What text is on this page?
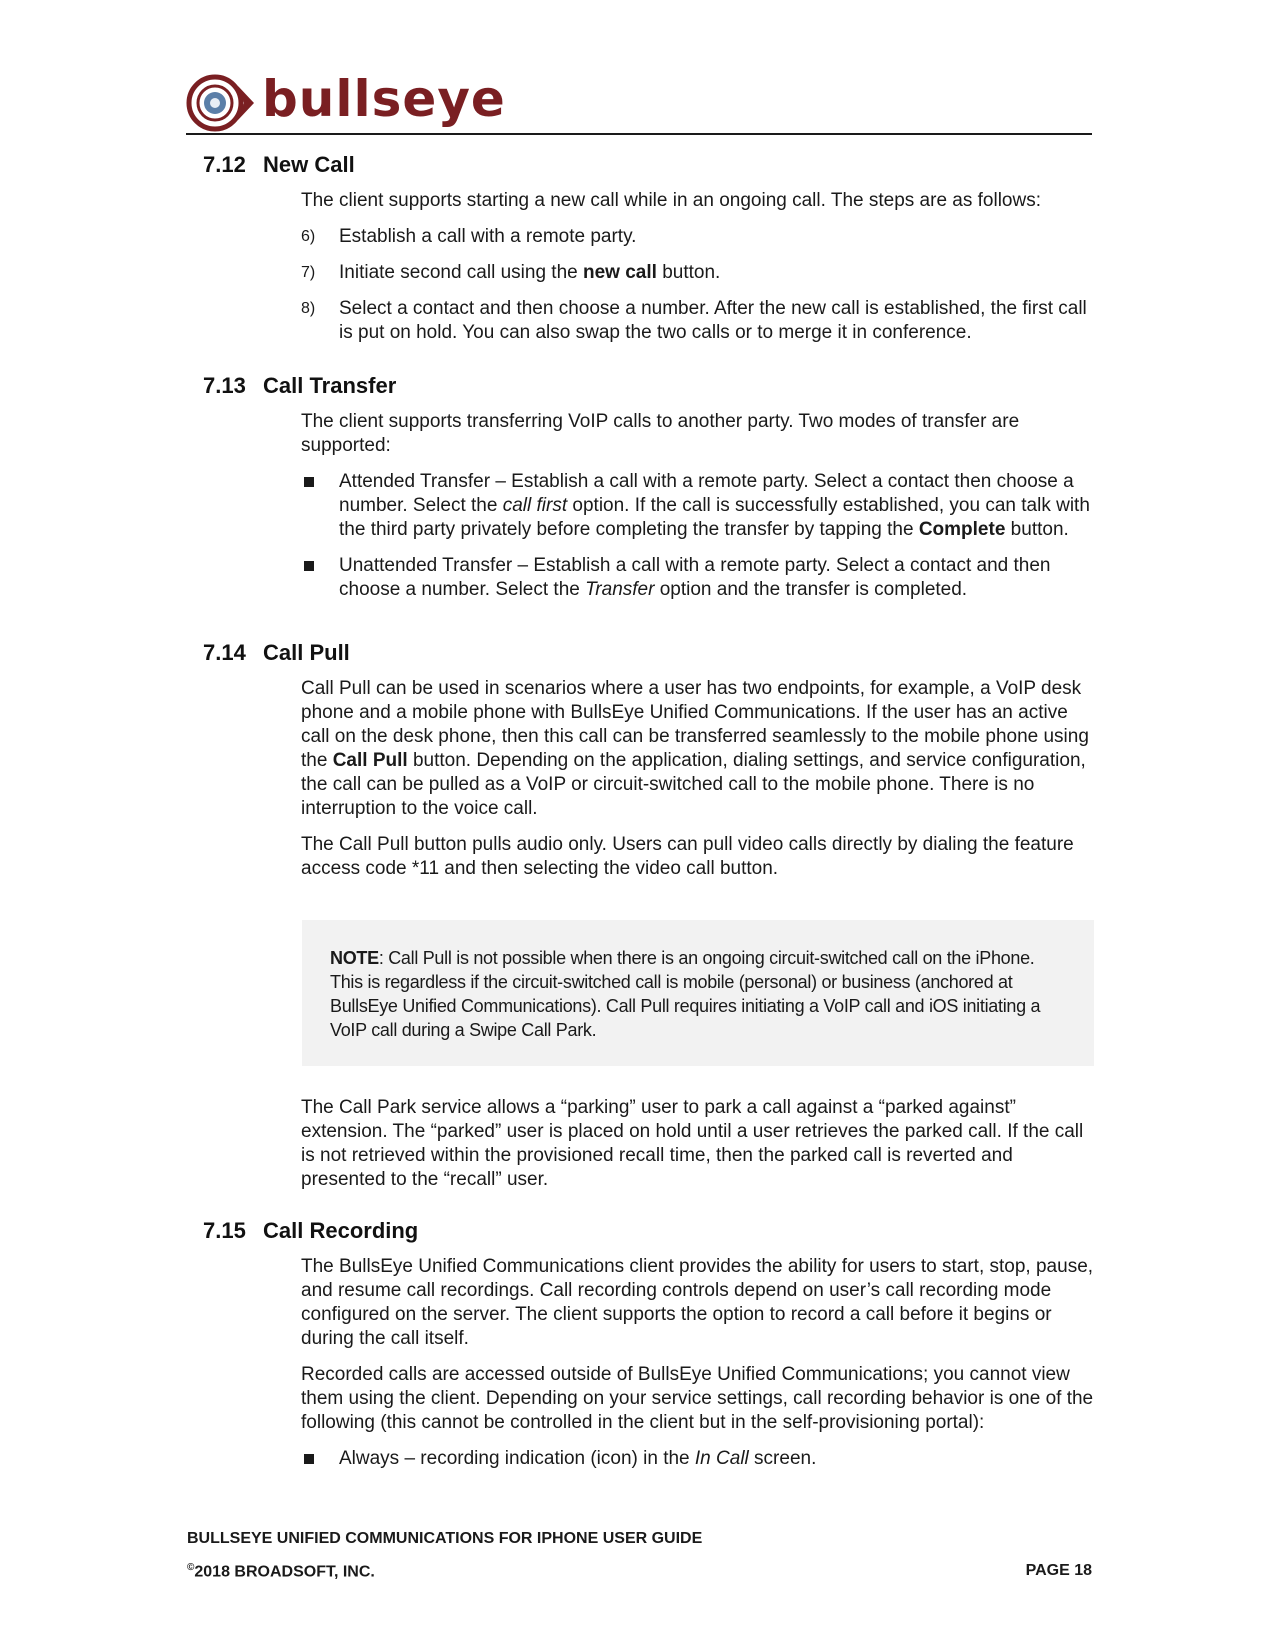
bullseye
7.12 New Call

The client supports starting a new call while in an ongoing call. The steps are as follows:

6) Establish a call with a remote party.
7) Initiate second call using the new call button.
8) Select a contact and then choose a number. After the new call is established, the first call is put on hold. You can also swap the two calls or to merge it in conference.
7.13 Call Transfer

The client supports transferring VoIP calls to another party. Two modes of transfer are supported:

Attended Transfer – Establish a call with a remote party. Select a contact then choose a number. Select the call first option. If the call is successfully established, you can talk with the third party privately before completing the transfer by tapping the Complete button.
Unattended Transfer – Establish a call with a remote party. Select a contact and then choose a number. Select the Transfer option and the transfer is completed.
7.14 Call Pull

Call Pull can be used in scenarios where a user has two endpoints, for example, a VoIP desk phone and a mobile phone with BullsEye Unified Communications. If the user has an active call on the desk phone, then this call can be transferred seamlessly to the mobile phone using the Call Pull button. Depending on the application, dialing settings, and service configuration, the call can be pulled as a VoIP or circuit-switched call to the mobile phone. There is no interruption to the voice call.

The Call Pull button pulls audio only. Users can pull video calls directly by dialing the feature access code *11 and then selecting the video call button.

NOTE: Call Pull is not possible when there is an ongoing circuit-switched call on the iPhone. This is regardless if the circuit-switched call is mobile (personal) or business (anchored at BullsEye Unified Communications). Call Pull requires initiating a VoIP call and iOS initiating a VoIP call during a Swipe Call Park.

The Call Park service allows a “parking” user to park a call against a “parked against” extension. The “parked” user is placed on hold until a user retrieves the parked call. If the call is not retrieved within the provisioned recall time, then the parked call is reverted and presented to the “recall” user.

7.15 Call Recording

The BullsEye Unified Communications client provides the ability for users to start, stop, pause, and resume call recordings. Call recording controls depend on user’s call recording mode configured on the server. The client supports the option to record a call before it begins or during the call itself.

Recorded calls are accessed outside of BullsEye Unified Communications; you cannot view them using the client. Depending on your service settings, call recording behavior is one of the following (this cannot be controlled in the client but in the self-provisioning portal):

Always – recording indication (icon) in the In Call screen.
BULLSEYE UNIFIED COMMUNICATIONS FOR IPHONE USER GUIDE
©2018 BROADSOFT, INC.	PAGE 18
